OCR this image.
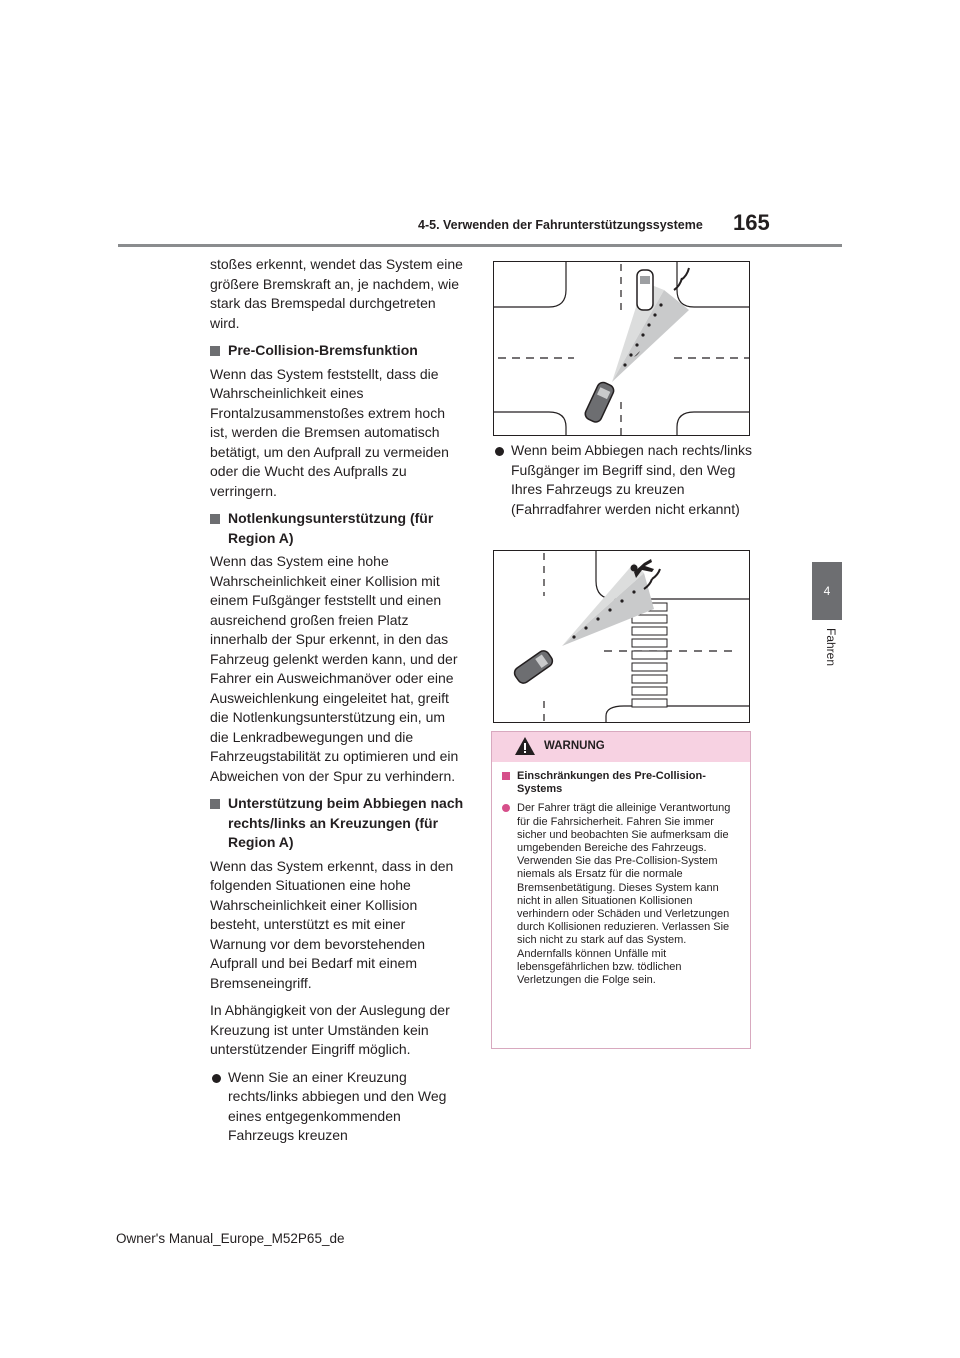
4-5. Verwenden der Fahrunterstützungssysteme 165
4
Fahren

stoßes erkennt, wendet das System eine größere Bremskraft an, je nachdem, wie stark das Bremspedal durchgetreten wird.

Pre-Collision-Bremsfunktion

Wenn das System feststellt, dass die Wahrscheinlichkeit eines Frontalzusammenstoßes extrem hoch ist, werden die Bremsen automatisch betätigt, um den Aufprall zu vermeiden oder die Wucht des Aufpralls zu verringern.

Notlenkungsunterstützung (für Region A)

Wenn das System eine hohe Wahrscheinlichkeit einer Kollision mit einem Fußgänger feststellt und einen ausreichend großen freien Platz innerhalb der Spur erkennt, in den das Fahrzeug gelenkt werden kann, und der Fahrer ein Ausweichmanöver oder eine Ausweichlenkung eingeleitet hat, greift die Notlenkungsunterstützung ein, um die Lenkradbewegungen und die Fahrzeugstabilität zu optimieren und ein Abweichen von der Spur zu verhindern.

Unterstützung beim Abbiegen nach rechts/links an Kreuzungen (für Region A)

Wenn das System erkennt, dass in den folgenden Situationen eine hohe Wahrscheinlichkeit einer Kollision besteht, unterstützt es mit einer Warnung vor dem bevorstehenden Aufprall und bei Bedarf mit einem Bremseneingriff.

In Abhängigkeit von der Auslegung der Kreuzung ist unter Umständen kein unterstützender Eingriff möglich.

Wenn Sie an einer Kreuzung rechts/links abbiegen und den Weg eines entgegenkommenden Fahrzeugs kreuzen
Wenn beim Abbiegen nach rechts/links Fußgänger im Begriff sind, den Weg Ihres Fahrzeugs zu kreuzen (Fahrradfahrer werden nicht erkannt)
WARNUNG
Einschränkungen des Pre-Collision-Systems
Der Fahrer trägt die alleinige Verantwortung für die Fahrsicherheit. Fahren Sie immer sicher und beobachten Sie aufmerksam die umgebenden Bereiche des Fahrzeugs.
Verwenden Sie das Pre-Collision-System niemals als Ersatz für die normale Bremsenbetätigung. Dieses System kann nicht in allen Situationen Kollisionen verhindern oder Schäden und Verletzungen durch Kollisionen reduzieren. Verlassen Sie sich nicht zu stark auf das System. Andernfalls können Unfälle mit lebensgefährlichen bzw. tödlichen Verletzungen die Folge sein.
Owner's Manual_Europe_M52P65_de
